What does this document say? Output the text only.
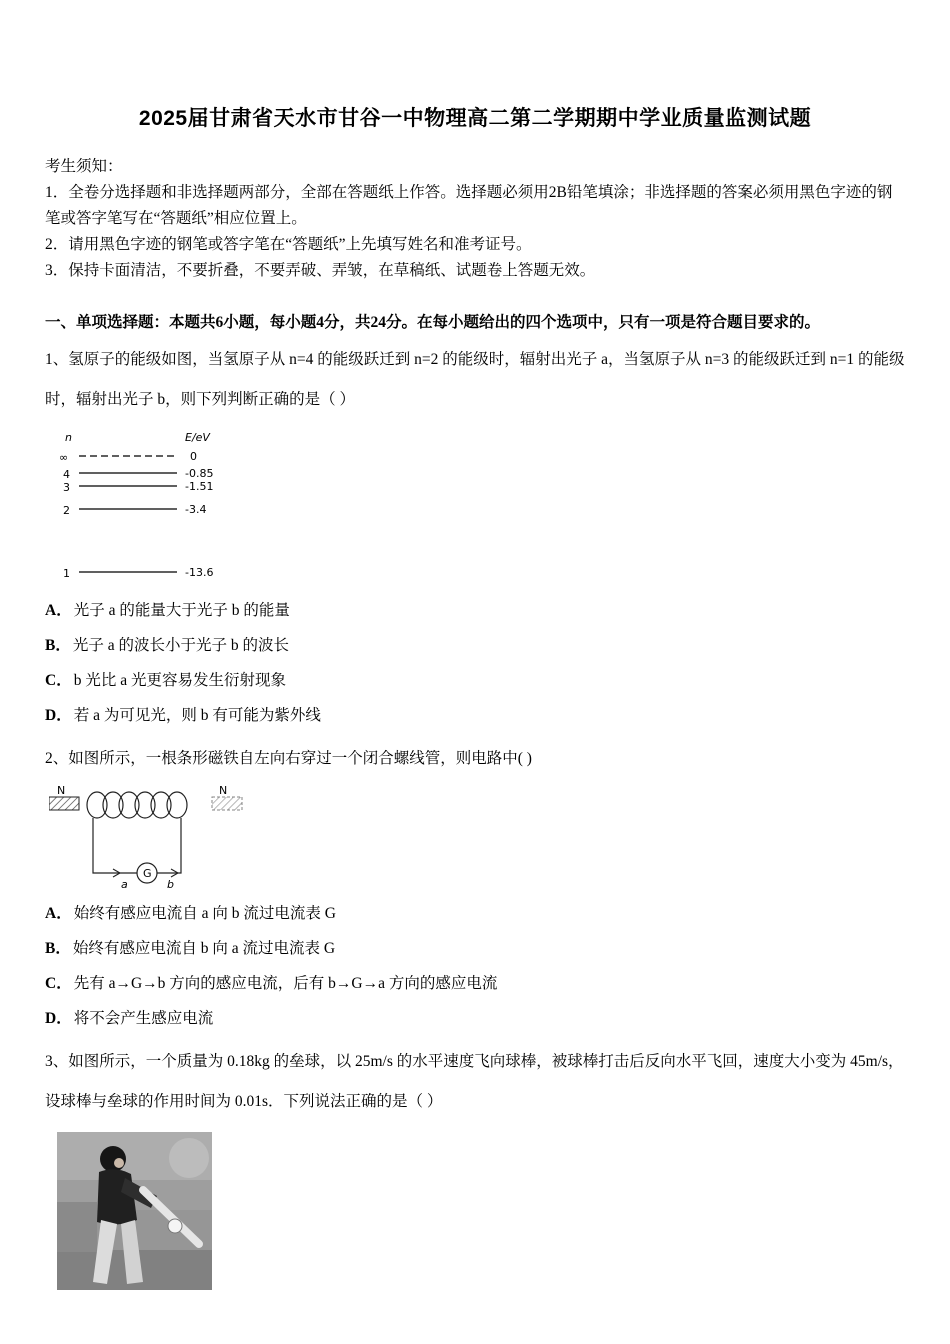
2025届甘肃省天水市甘谷一中物理高二第二学期期中学业质量监测试题

考生须知：

1．全卷分选择题和非选择题两部分，全部在答题纸上作答。选择题必须用2B铅笔填涂；非选择题的答案必须用黑色字迹的钢笔或答字笔写在“答题纸”相应位置上。

2．请用黑色字迹的钢笔或答字笔在“答题纸”上先填写姓名和准考证号。

3．保持卡面清洁，不要折叠，不要弄破、弄皱，在草稿纸、试题卷上答题无效。

一、单项选择题：本题共6小题，每小题4分，共24分。在每小题给出的四个选项中，只有一项是符合题目要求的。

1、氢原子的能级如图，当氢原子从 n=4 的能级跃迁到 n=2 的能级时，辐射出光子 a，当氢原子从 n=3 的能级跃迁到 n=1 的能级时，辐射出光子 b，则下列判断正确的是（ ）

n	E/eV
∞	0
4	-0.85
3	-1.51
2	-3.4
1	-13.6

A． 光子 a 的能量大于光子 b 的能量

B． 光子 a 的波长小于光子 b 的波长

C． b 光比 a 光更容易发生衍射现象

D． 若 a 为可见光，则 b 有可能为紫外线

2、如图所示，一根条形磁铁自左向右穿过一个闭合螺线管，则电路中( )

N	N
G
a	b

A． 始终有感应电流自 a 向 b 流过电流表 G

B． 始终有感应电流自 b 向 a 流过电流表 G

C． 先有 a→G→b 方向的感应电流，后有 b→G→a 方向的感应电流

D． 将不会产生感应电流

3、如图所示，一个质量为 0.18kg 的垒球，以 25m/s 的水平速度飞向球棒，被球棒打击后反向水平飞回，速度大小变为 45m/s，设球棒与垒球的作用时间为 0.01s．下列说法正确的是（ ）
